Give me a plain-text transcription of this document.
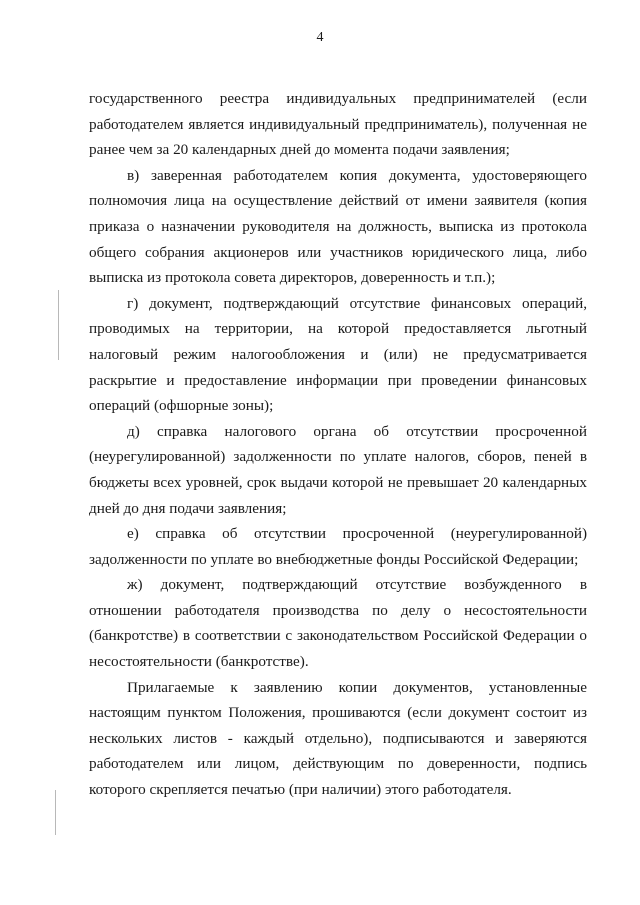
4

государственного реестра индивидуальных предпринимателей (если работодателем является индивидуальный предприниматель), полученная не ранее чем за 20 календарных дней до момента подачи заявления;

в) заверенная работодателем копия документа, удостоверяющего полномочия лица на осуществление действий от имени заявителя (копия приказа о назначении руководителя на должность, выписка из протокола общего собрания акционеров или участников юридического лица, либо выписка из протокола совета директоров, доверенность и т.п.);

г) документ, подтверждающий отсутствие финансовых операций, проводимых на территории, на которой предоставляется льготный налоговый режим налогообложения и (или) не предусматривается раскрытие и предоставление информации при проведении финансовых операций (офшорные зоны);

д) справка налогового органа об отсутствии просроченной (неурегулированной) задолженности по уплате налогов, сборов, пеней в бюджеты всех уровней, срок выдачи которой не превышает 20 календарных дней до дня подачи заявления;

е) справка об отсутствии просроченной (неурегулированной) задолженности по уплате во внебюджетные фонды Российской Федерации;

ж) документ, подтверждающий отсутствие возбужденного в отношении работодателя производства по делу о несостоятельности (банкротстве) в соответствии с законодательством Российской Федерации о несостоятельности (банкротстве).

Прилагаемые к заявлению копии документов, установленные настоящим пунктом Положения, прошиваются (если документ состоит из нескольких листов - каждый отдельно), подписываются и заверяются работодателем или лицом, действующим по доверенности, подпись которого скрепляется печатью (при наличии) этого работодателя.
